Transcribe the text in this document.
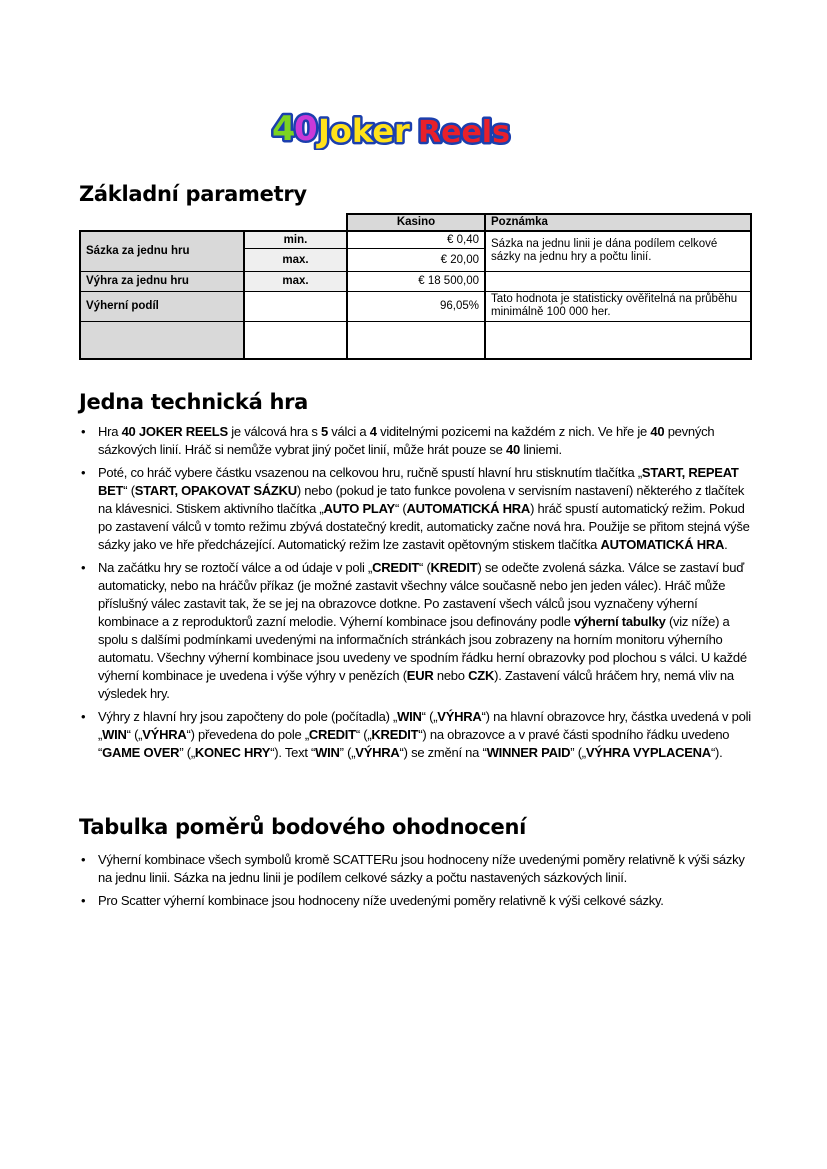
4
0 Joker Reels
Základní parametry
		Kasino	Poznámka
Sázka za jednu hru	min.	€ 0,40	Sázka na jednu linii je dána podílem celkové sázky na jednu hry a počtu linií.
	max.	€ 20,00	
Výhra za jednu hru	max.	€ 18 500,00	
Výherní podíl		96,05%	Tato hodnota je statisticky ověřitelná na průběhu minimálně 100 000 her.

Jedna technická hra
• Hra 40 JOKER REELS je válcová hra s 5 válci a 4 viditelnými pozicemi na každém z nich. Ve hře je 40 pevných sázkových linií. Hráč si nemůže vybrat jiný počet linií, může hrát pouze se 40 liniemi.
• Poté, co hráč vybere částku vsazenou na celkovou hru, ručně spustí hlavní hru stisknutím tlačítka „START, REPEAT BET“ (START, OPAKOVAT SÁZKU) nebo (pokud je tato funkce povolena v servisním nastavení) některého z tlačítek na klávesnici. Stiskem aktivního tlačítka „AUTO PLAY“ (AUTOMATICKÁ HRA) hráč spustí automatický režim. Pokud po zastavení válců v tomto režimu zbývá dostatečný kredit, automaticky začne nová hra. Použije se přitom stejná výše sázky jako ve hře předcházející. Automatický režim lze zastavit opětovným stiskem tlačítka AUTOMATICKÁ HRA.
• Na začátku hry se roztočí válce a od údaje v poli „CREDIT“ (KREDIT) se odečte zvolená sázka. Válce se zastaví buď automaticky, nebo na hráčův příkaz (je možné zastavit všechny válce současně nebo jen jeden válec). Hráč může příslušný válec zastavit tak, že se jej na obrazovce dotkne. Po zastavení všech válců jsou vyznačeny výherní kombinace a z reproduktorů zazní melodie. Výherní kombinace jsou definovány podle výherní tabulky (viz níže) a spolu s dalšími podmínkami uvedenými na informačních stránkách jsou zobrazeny na horním monitoru výherního automatu. Všechny výherní kombinace jsou uvedeny ve spodním řádku herní obrazovky pod plochou s válci. U každé výherní kombinace je uvedena i výše výhry v penězích (EUR nebo CZK). Zastavení válců hráčem hry, nemá vliv na výsledek hry.
• Výhry z hlavní hry jsou započteny do pole (počítadla) „WIN“ („VÝHRA“) na hlavní obrazovce hry, částka uvedená v poli „WIN“ („VÝHRA“) převedena do pole „CREDIT“ („KREDIT“) na obrazovce a v pravé části spodního řádku uvedeno “GAME OVER” („KONEC HRY“). Text “WIN” („VÝHRA“) se změní na “WINNER PAID” („VÝHRA VYPLACENA“).
Tabulka poměrů bodového ohodnocení
• Výherní kombinace všech symbolů kromě SCATTERu jsou hodnoceny níže uvedenými poměry relativně k výši sázky na jednu linii. Sázka na jednu linii je podílem celkové sázky a počtu nastavených sázkových linií.
• Pro Scatter výherní kombinace jsou hodnoceny níže uvedenými poměry relativně k výši celkové sázky.
